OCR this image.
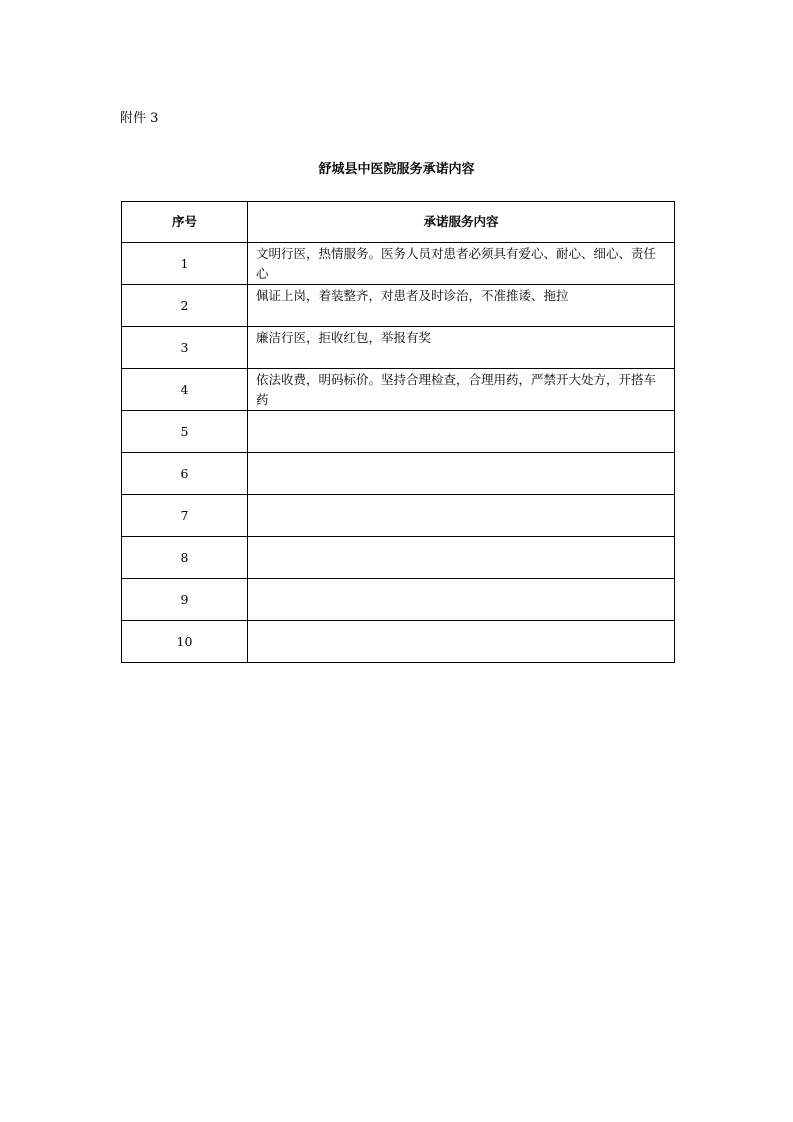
附件 3
舒城县中医院服务承诺内容
序号	承诺服务内容
1	文明行医，热情服务。医务人员对患者必须具有爱心、耐心、细心、责任心
2	佩证上岗，着装整齐，对患者及时诊治，不准推诿、拖拉
3	廉洁行医，拒收红包，举报有奖
4	依法收费，明码标价。坚持合理检查，合理用药，严禁开大处方，开搭车药
5	
6	
7	
8	
9	
10	
